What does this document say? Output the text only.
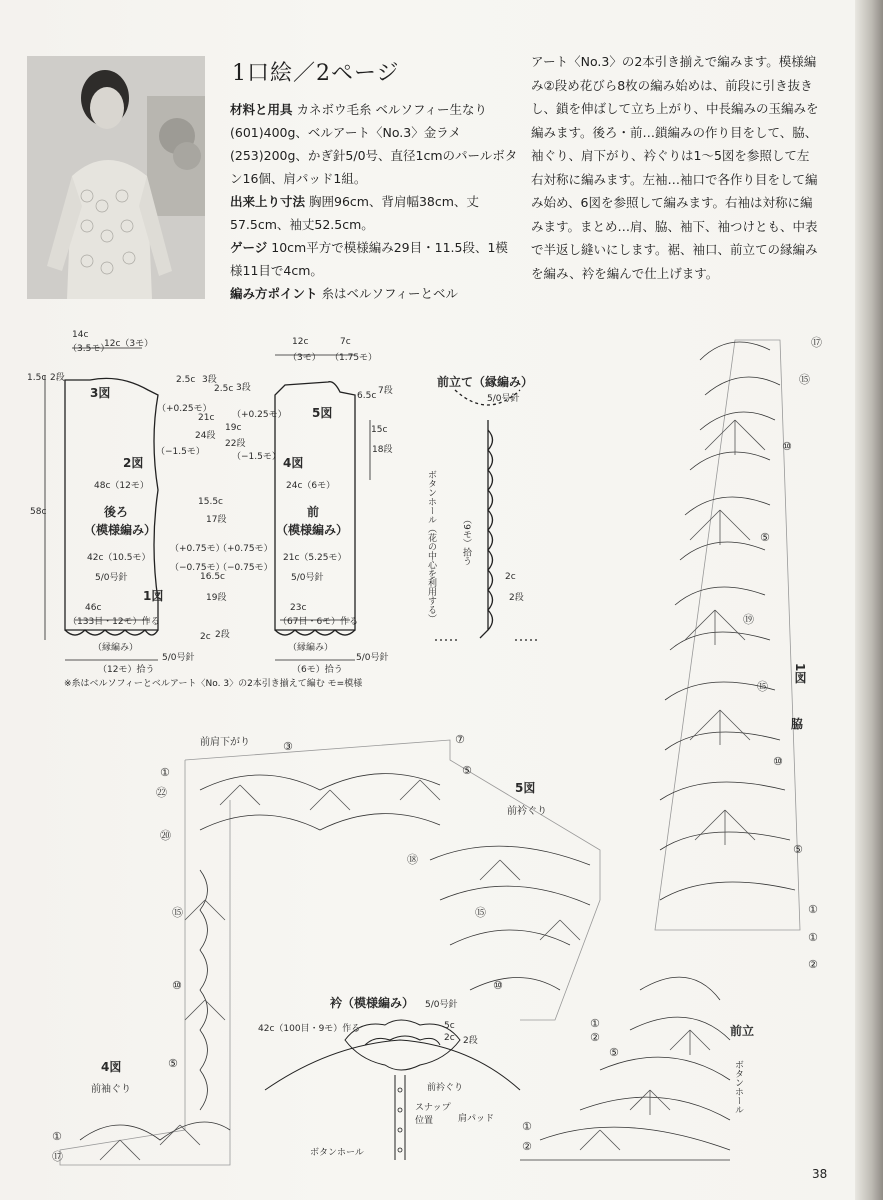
1口絵／2ページ
材料と用具 カネボウ毛糸 ベルソフィー生なり(601)400g、ベルアート〈No.3〉金ラメ(253)200g、かぎ針5/0号、直径1cmのパールボタン16個、肩パッド1組。
出来上り寸法 胸囲96cm、背肩幅38cm、丈57.5cm、袖丈52.5cm。
ゲージ 10cm平方で模様編み29目・11.5段、1模様11目で4cm。
編み方ポイント 糸はベルソフィーとベル
アート〈No.3〉の2本引き揃えで編みます。模様編み②段め花びら8枚の編み始めは、前段に引き抜きし、鎖を伸ばして立ち上がり、中長編みの玉編みを編みます。後ろ・前…鎖編みの作り目をして、脇、袖ぐり、肩下がり、衿ぐりは1〜5図を参照して左右対称に編みます。左袖…袖口で各作り目をして編み始め、6図を参照して編みます。右袖は対称に編みます。まとめ…肩、脇、袖下、袖つけとも、中表で半返し縫いにします。裾、袖口、前立ての縁編みを編み、衿を編んで仕上げます。
14c
（3.5モ）
12c（3モ）
1.5c 2段
3図
2図
48c（12モ）
58c	後ろ
（模様編み）
42c（10.5モ）
5/0号針
1図
46c
（133目・12モ）作る
（縁編み）
5/0号針
（12モ）拾う
2.5c 3段
2.5c 3段
（+0.25モ）
（+0.25モ）
21c
24段
19c
22段
（−1.5モ）	（−1.5モ）
15.5c
17段
（+0.75モ）
（+0.75モ）
（−0.75モ）
（−0.75モ）
16.5c
19段
2c 2段
12c
（3モ）
7c
（1.75モ）
6.5c 7段
5図
15c
18段
4図
24c（6モ）
前
（模様編み）
21c（5.25モ）
5/0号針
23c
（67目・6モ）作る
（縁編み）
5/0号針
（6モ）拾う
※糸はベルソフィーとベルアート〈No. 3〉の2本引き揃えて編む モ=模様
前立て（縁編み）
5/0号針
ボタンホール（花の中心を利用する）	（9モ）拾う
2c
2段
1図
脇
前肩下がり
5図
前衿ぐり
衿（模様編み） 5/0号針
42c（100目・9モ）作る	5c
2c 2段
4図
前袖ぐり	前衿ぐり
スナップ位置	肩パッド
ボタンホール
前立
ボタンホール
⑰
⑮
⑩
⑤
⑲
⑮
⑩
⑤
①
①
②
③
⑦
⑤
①
㉒
⑳
⑱
⑮	⑮
⑩	⑩
⑤
①
②
⑤
①
⑰
①
②
38
